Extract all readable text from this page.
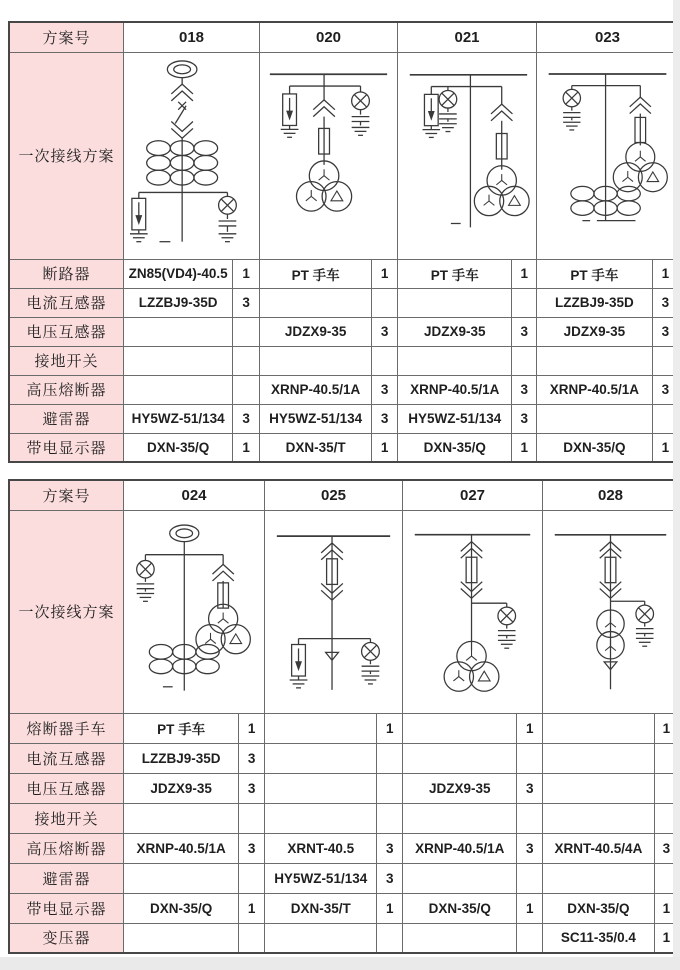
方案号	018		020		021		023	
一次接线方案	

断路器	ZN85(VD4)-40.5	1	PT 手车	1	PT 手车	1	PT 手车	1
电流互感器	LZZBJ9-35D	3					LZZBJ9-35D	3
电压互感器			JDZX9-35	3	JDZX9-35	3	JDZX9-35	3
接地开关								
高压熔断器			XRNP-40.5/1A	3	XRNP-40.5/1A	3	XRNP-40.5/1A	3
避雷器	HY5WZ-51/134	3	HY5WZ-51/134	3	HY5WZ-51/134	3		
带电显示器	DXN-35/Q	1	DXN-35/T	1	DXN-35/Q	1	DXN-35/Q	1
方案号	024		025		027		028	
一次接线方案	

熔断器手车	PT 手车	1		1		1		1
电流互感器	LZZBJ9-35D	3						
电压互感器	JDZX9-35	3			JDZX9-35	3		
接地开关								
高压熔断器	XRNP-40.5/1A	3	XRNT-40.5	3	XRNP-40.5/1A	3	XRNT-40.5/4A	3
避雷器			HY5WZ-51/134	3				
带电显示器	DXN-35/Q	1	DXN-35/T	1	DXN-35/Q	1	DXN-35/Q	1
变压器							SC11-35/0.4	1
